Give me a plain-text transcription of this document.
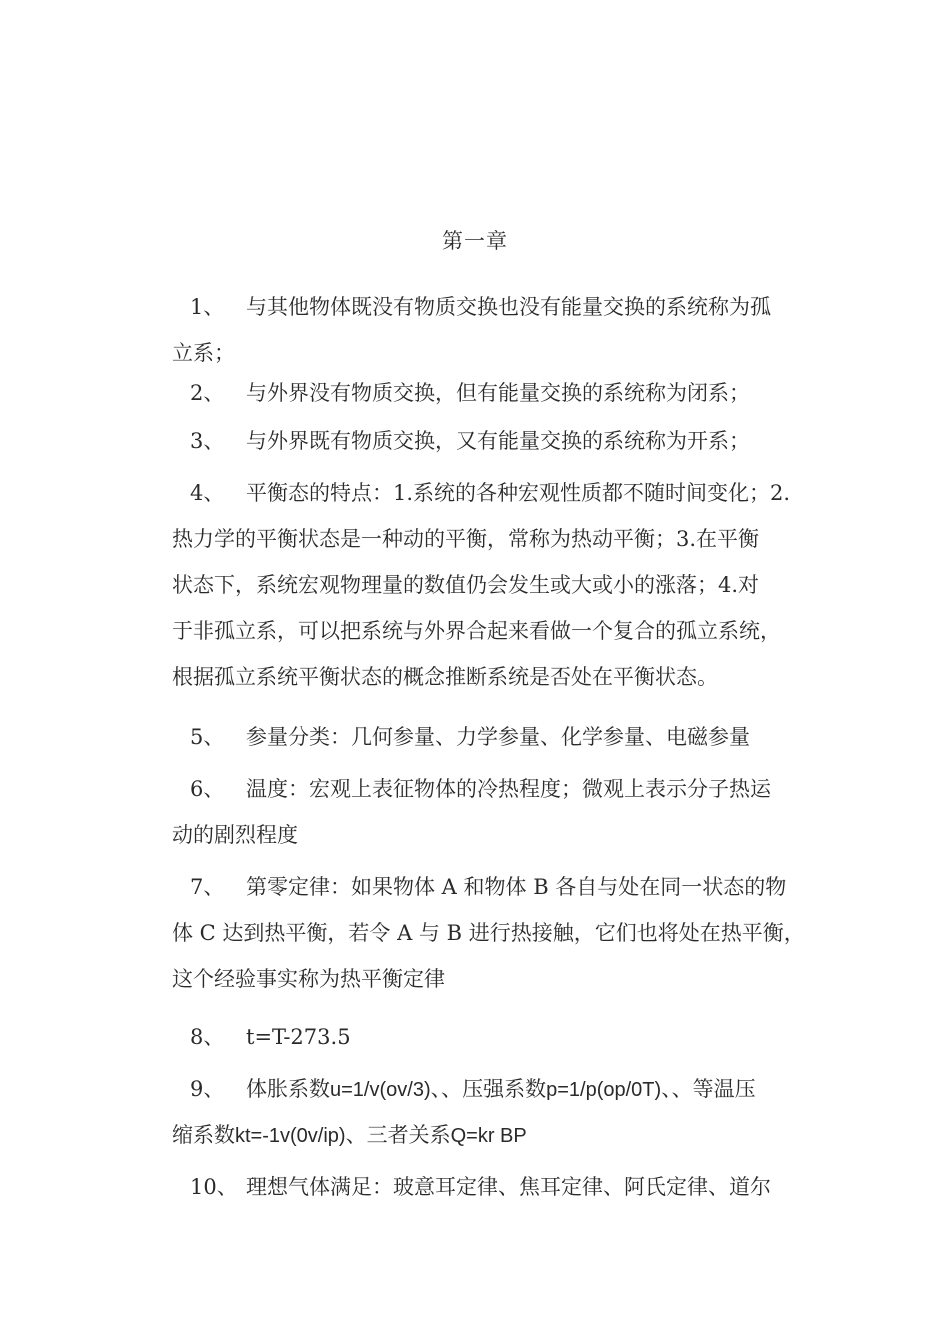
第一章
1、 与其他物体既没有物质交换也没有能量交换的系统称为孤
立系；
2、 与外界没有物质交换，但有能量交换的系统称为闭系；
3、 与外界既有物质交换，又有能量交换的系统称为开系；
4、 平衡态的特点：1.系统的各种宏观性质都不随时间变化；2.
热力学的平衡状态是一种动的平衡，常称为热动平衡；3.在平衡
状态下，系统宏观物理量的数值仍会发生或大或小的涨落；4.对
于非孤立系，可以把系统与外界合起来看做一个复合的孤立系统，
根据孤立系统平衡状态的概念推断系统是否处在平衡状态。
5、 参量分类：几何参量、力学参量、化学参量、电磁参量
6、 温度：宏观上表征物体的冷热程度；微观上表示分子热运
动的剧烈程度
7、 第零定律：如果物体 A 和物体 B 各自与处在同一状态的物
体 C 达到热平衡，若令 A 与 B 进行热接触，它们也将处在热平衡，
这个经验事实称为热平衡定律
8、 t=T-273.5
9、 体胀系数u=1/v(ov/3)、、压强系数p=1/p(op/0T)、、等温压
缩系数kt=-1v(0v/ip)、三者关系Q=kr BP
10、 理想气体满足：玻意耳定律、焦耳定律、阿氏定律、道尔
